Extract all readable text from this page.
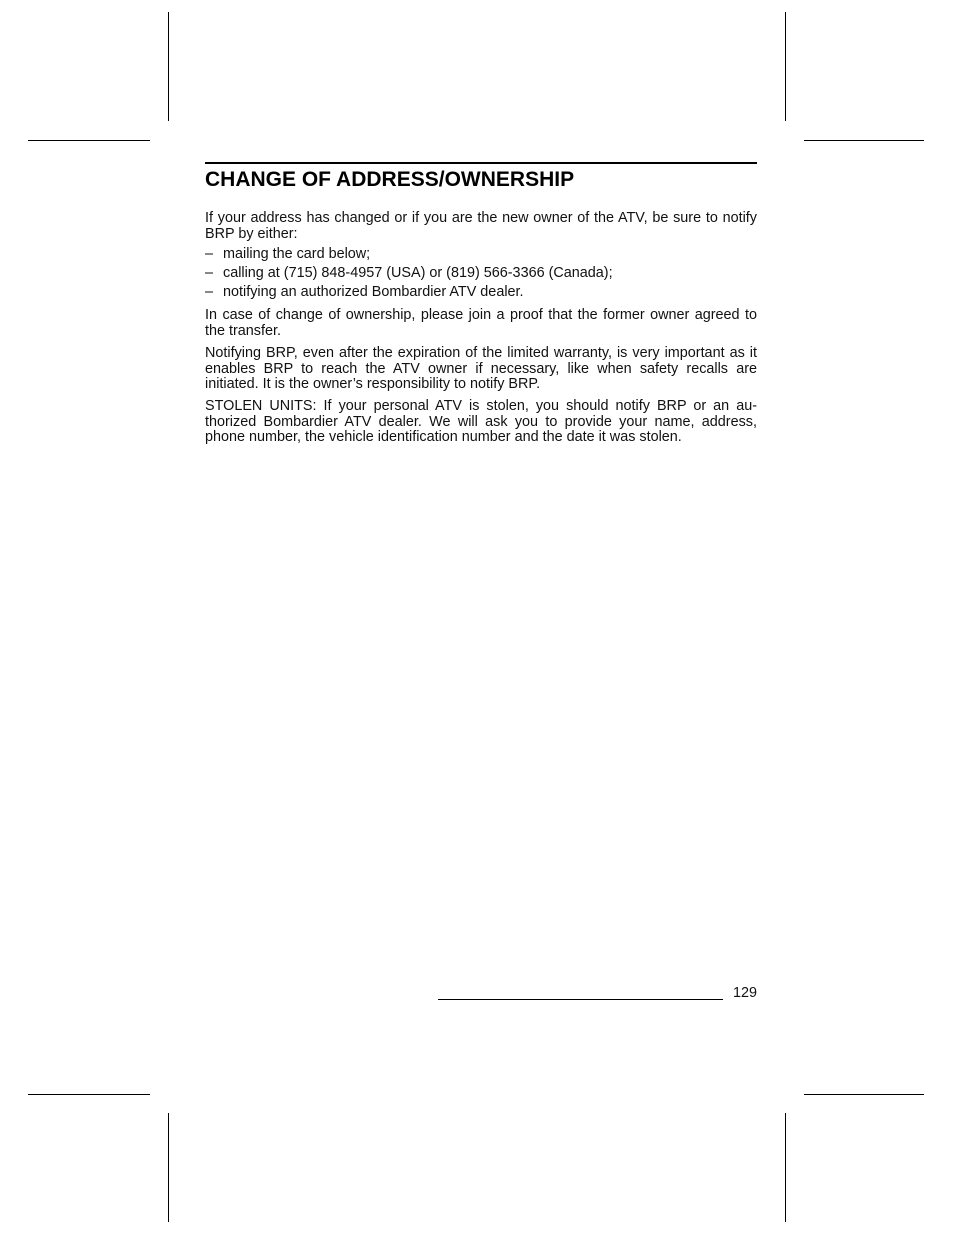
CHANGE OF ADDRESS/OWNERSHIP

If your address has changed or if you are the new owner of the ATV, be sure to notify BRP by either:

– mailing the card below;
– calling at (715) 848-4957 (USA) or (819) 566-3366 (Canada);
– notifying an authorized Bombardier ATV dealer.

In case of change of ownership, please join a proof that the former owner agreed to the transfer.

Notifying BRP, even after the expiration of the limited warranty, is very important as it enables BRP to reach the ATV owner if necessary, like when safety recalls are initiated. It is the owner’s responsibility to notify BRP.

STOLEN UNITS: If your personal ATV is stolen, you should notify BRP or an au-thorized Bombardier ATV dealer. We will ask you to provide your name, address, phone number, the vehicle identification number and the date it was stolen.

129
